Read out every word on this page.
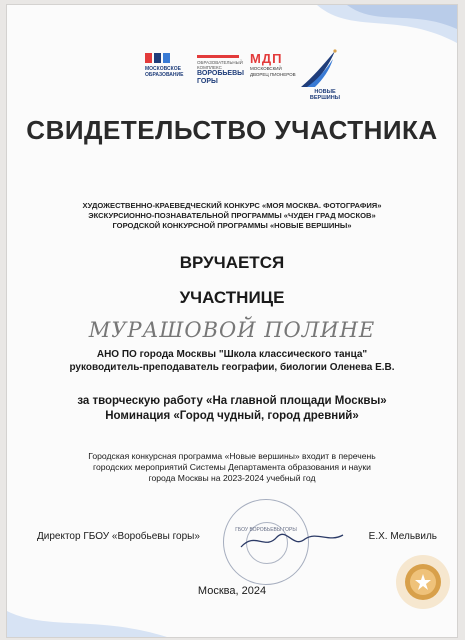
МОСКОВСКОЕ ОБРАЗОВАНИЕ
ОБРАЗОВАТЕЛЬНЫЙ КОМПЛЕКС
ВОРОБЬЕВЫ ГОРЫ
МДП
МОСКОВСКИЙ ДВОРЕЦ ПИОНЕРОВ
НОВЫЕ ВЕРШИНЫ
СВИДЕТЕЛЬСТВО УЧАСТНИКА
ХУДОЖЕСТВЕННО-КРАЕВЕДЧЕСКИЙ КОНКУРС «МОЯ МОСКВА. ФОТОГРАФИЯ»
ЭКСКУРСИОННО-ПОЗНАВАТЕЛЬНОЙ ПРОГРАММЫ «ЧУДЕН ГРАД МОСКОВ»
ГОРОДСКОЙ КОНКУРСНОЙ ПРОГРАММЫ «НОВЫЕ ВЕРШИНЫ»
ВРУЧАЕТСЯ
УЧАСТНИЦЕ
МУРАШОВОЙ ПОЛИНЕ
АНО ПО города Москвы "Школа классического танца"
руководитель-преподаватель географии, биологии Оленева Е.В.
за творческую работу «На главной площади Москвы»
Номинация «Город чудный, город древний»
Городская конкурсная программа «Новые вершины» входит в перечень
городских мероприятий Системы Департамента образования и науки
города Москвы на 2023-2024 учебный год
ГБОУ ВОРОБЬЕВЫ ГОРЫ
Директор ГБОУ «Воробьевы горы»	Е.Х. Мельвиль
Москва, 2024
